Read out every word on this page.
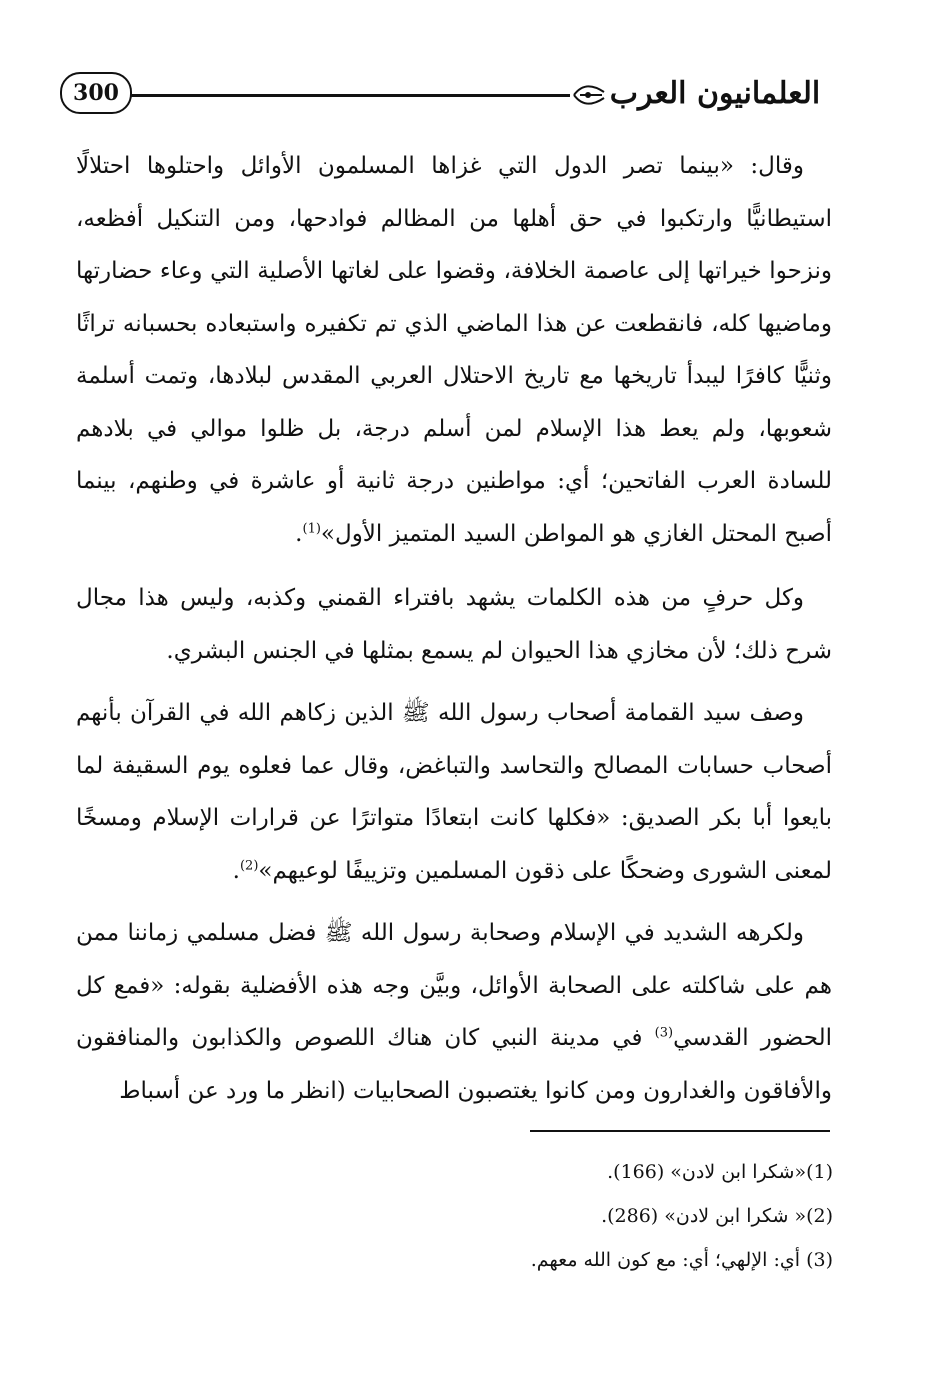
300	العلمانيون العرب

وقال: «بينما تصر الدول التي غزاها المسلمون الأوائل واحتلوها احتلالًا استيطانيًّا وارتكبوا في حق أهلها من المظالم فوادحها، ومن التنكيل أفظعه، ونزحوا خيراتها إلى عاصمة الخلافة، وقضوا على لغاتها الأصلية التي وعاء حضارتها وماضيها كله، فانقطعت عن هذا الماضي الذي تم تكفيره واستبعاده بحسبانه تراثًا وثنيًّا كافرًا ليبدأ تاريخها مع تاريخ الاحتلال العربي المقدس لبلادها، وتمت أسلمة شعوبها، ولم يعط هذا الإسلام لمن أسلم درجة، بل ظلوا موالي في بلادهم للسادة العرب الفاتحين؛ أي: مواطنين درجة ثانية أو عاشرة في وطنهم، بينما أصبح المحتل الغازي هو المواطن السيد المتميز الأول»$^{(1)}$.

وكل حرفٍ من هذه الكلمات يشهد بافتراء القمني وكذبه، وليس هذا مجال شرح ذلك؛ لأن مخازي هذا الحيوان لم يسمع بمثلها في الجنس البشري.

وصف سيد القمامة أصحاب رسول الله ﷺ الذين زكاهم الله في القرآن بأنهم أصحاب حسابات المصالح والتحاسد والتباغض، وقال عما فعلوه يوم السقيفة لما بايعوا أبا بكر الصديق: «فكلها كانت ابتعادًا متواترًا عن قرارات الإسلام ومسخًا لمعنى الشورى وضحكًا على ذقون المسلمين وتزييفًا لوعيهم»$^{(2)}$.

ولكرهه الشديد في الإسلام وصحابة رسول الله ﷺ فضل مسلمي زماننا ممن هم على شاكلته على الصحابة الأوائل، وبيَّن وجه هذه الأفضلية بقوله: «فمع كل الحضور القدسي$^{(3)}$ في مدينة النبي كان هناك اللصوص والكذابون والمنافقون والأفاقون والغدارون ومن كانوا يغتصبون الصحابيات (انظر ما ورد عن أسباط

(1)«شكرا ابن لادن» (166).

(2)« شكرا ابن لادن» (286).

(3) أي: الإلهي؛ أي: مع كون الله معهم.
